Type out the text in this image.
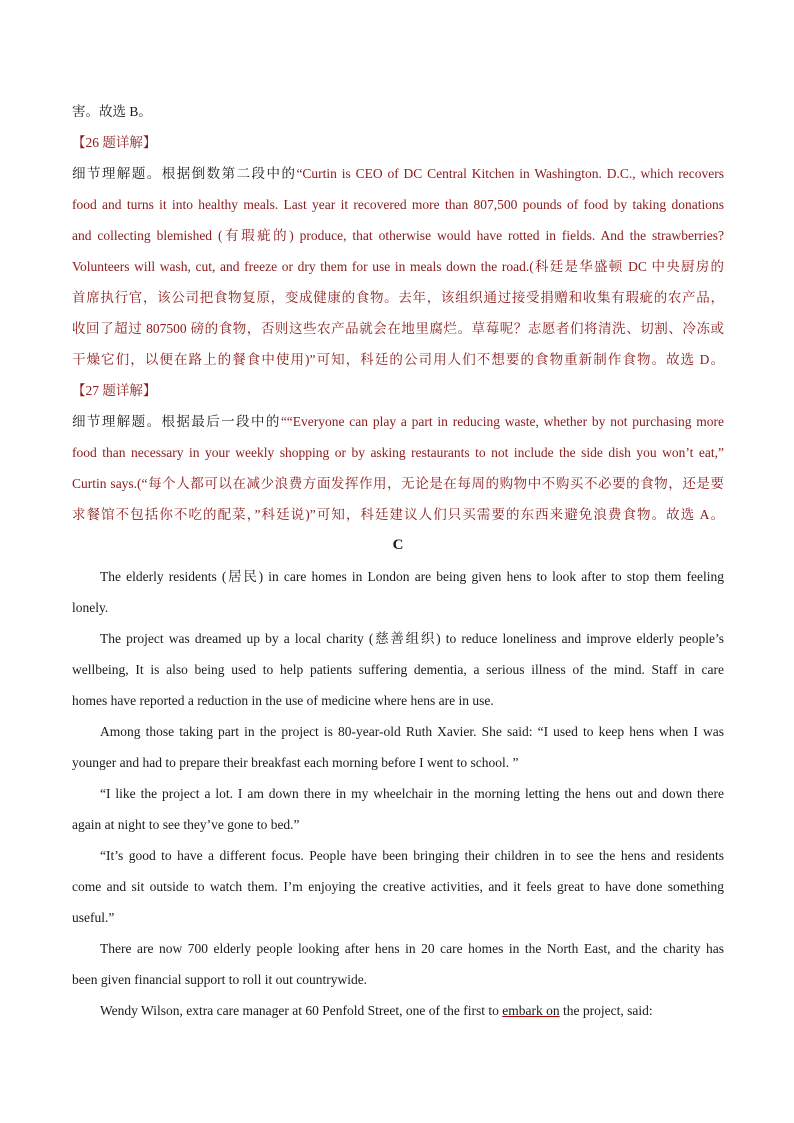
害。故选 B。
【26 题详解】
细节理解题。根据倒数第二段中的“Curtin is CEO of DC Central Kitchen in Washington. D.C., which recovers
food and turns it into healthy meals. Last year it recovered more than 807,500 pounds of food by taking donations
and collecting blemished (有瑕疵的) produce, that otherwise would have rotted in fields. And the strawberries?
Volunteers will wash, cut, and freeze or dry them for use in meals down the road.(科廷是华盛顿 DC 中央厨房的
首席执行官，该公司把食物复原，变成健康的食物。去年，该组织通过接受捐赠和收集有瑕疵的农产品，
收回了超过 807500 磅的食物，否则这些农产品就会在地里腐烂。草莓呢？志愿者们将清洗、切割、冷冻或
干燥它们，以便在路上的餐食中使用)”可知，科廷的公司用人们不想要的食物重新制作食物。故选 D。
【27 题详解】
细节理解题。根据最后一段中的““Everyone can play a part in reducing waste, whether by not purchasing more
food than necessary in your weekly shopping or by asking restaurants to not include the side dish you won’t eat,”
Curtin says.(“每个人都可以在减少浪费方面发挥作用，无论是在每周的购物中不购买不必要的食物，还是要
求餐馆不包括你不吃的配菜，”科廷说)”可知，科廷建议人们只买需要的东西来避免浪费食物。故选 A。
C
The elderly residents (居民) in care homes in London are being given hens to look after to stop them feeling
lonely.
The project was dreamed up by a local charity (慈善组织) to reduce loneliness and improve elderly people’s
wellbeing, It is also being used to help patients suffering dementia, a serious illness of the mind. Staff in care
homes have reported a reduction in the use of medicine where hens are in use.
Among those taking part in the project is 80-year-old Ruth Xavier. She said: “I used to keep hens when I was
younger and had to prepare their breakfast each morning before I went to school. ”
“I like the project a lot. I am down there in my wheelchair in the morning letting the hens out and down there
again at night to see they’ve gone to bed.”
“It’s good to have a different focus. People have been bringing their children in to see the hens and residents
come and sit outside to watch them. I’m enjoying the creative activities, and it feels great to have done something
useful.”
There are now 700 elderly people looking after hens in 20 care homes in the North East, and the charity has
been given financial support to roll it out countrywide.
Wendy Wilson, extra care manager at 60 Penfold Street, one of the first to embark on the project, said:
